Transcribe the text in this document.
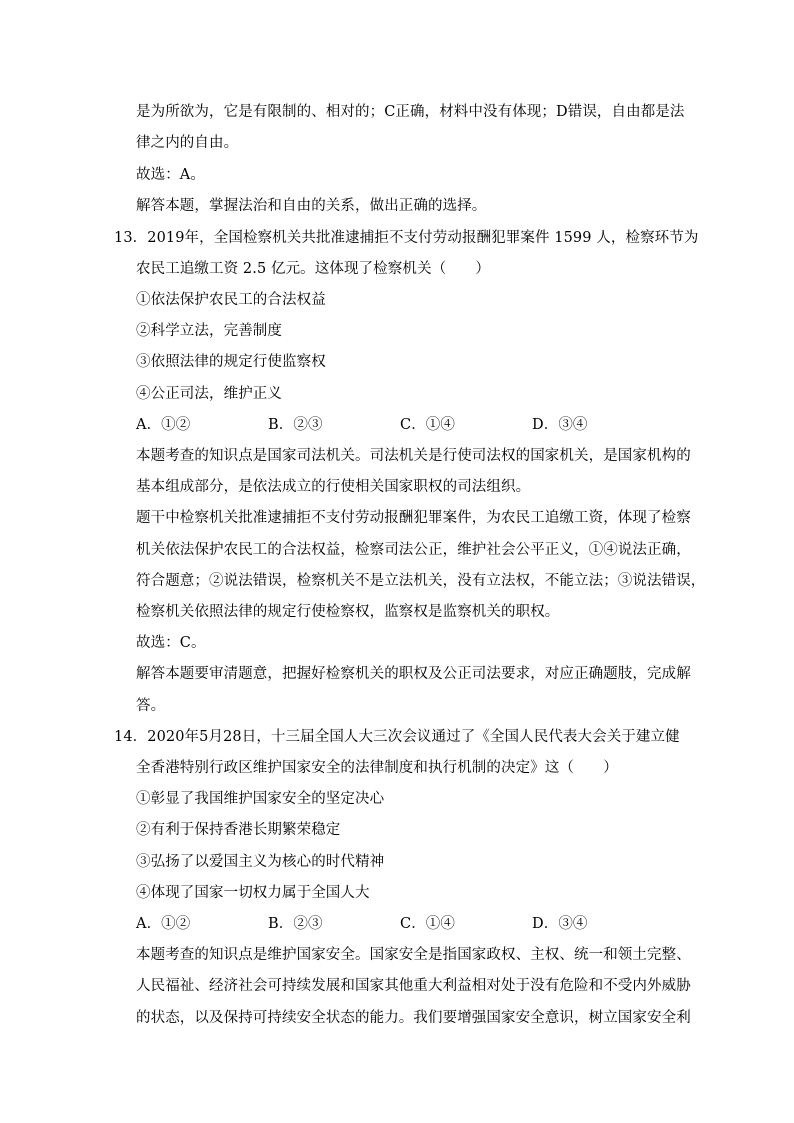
是为所欲为，它是有限制的、相对的；C正确，材料中没有体现；D错误，自由都是法
律之内的自由。
故选：A。
解答本题，掌握法治和自由的关系，做出正确的选择。
13．2019年，全国检察机关共批准逮捕拒不支付劳动报酬犯罪案件 1599 人，检察环节为
农民工追缴工资 2.5 亿元。这体现了检察机关（　　）
①依法保护农民工的合法权益
②科学立法，完善制度
③依照法律的规定行使监察权
④公正司法，维护正义
A．①②	B．②③	C．①④	D．③④
本题考查的知识点是国家司法机关。司法机关是行使司法权的国家机关，是国家机构的
基本组成部分，是依法成立的行使相关国家职权的司法组织。
题干中检察机关批准逮捕拒不支付劳动报酬犯罪案件，为农民工追缴工资，体现了检察
机关依法保护农民工的合法权益，检察司法公正，维护社会公平正义，①④说法正确，
符合题意；②说法错误，检察机关不是立法机关，没有立法权，不能立法；③说法错误，
检察机关依照法律的规定行使检察权，监察权是监察机关的职权。
故选：C。
解答本题要审清题意，把握好检察机关的职权及公正司法要求，对应正确题肢，完成解
答。
14．2020年5月28日，十三届全国人大三次会议通过了《全国人民代表大会关于建立健
全香港特别行政区维护国家安全的法律制度和执行机制的决定》这（　　）
①彰显了我国维护国家安全的坚定决心
②有利于保持香港长期繁荣稳定
③弘扬了以爱国主义为核心的时代精神
④体现了国家一切权力属于全国人大
A．①②	B．②③	C．①④	D．③④
本题考查的知识点是维护国家安全。国家安全是指国家政权、主权、统一和领土完整、
人民福祉、经济社会可持续发展和国家其他重大利益相对处于没有危险和不受内外威胁
的状态，以及保持可持续安全状态的能力。我们要增强国家安全意识，树立国家安全利
